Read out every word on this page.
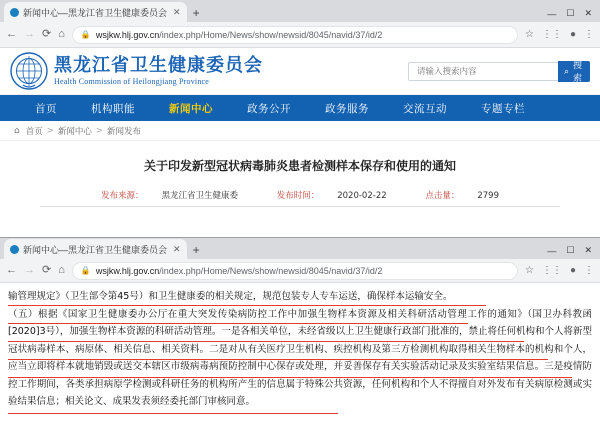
新闻中心—黑龙江省卫生健康委员会 ✕ +	— ☐ ✕
← → ⟳ ⌂ 🔒 wsjkw.hlj.gov.cn /index.php/Home/News/show/newsid/8045/navid/37/id/2	☆ ⋮⋮ ● ⋮
黑龙江省卫生健康委员会
Health Commission of Heilongjiang Province
请输入搜索内容
⌕
搜索
首页	机构职能	新闻中心	政务公开	政务服务	交流互动	专题专栏
⌂ 首页 > 新闻中心 > 新闻发布
关于印发新型冠状病毒肺炎患者检测样本保存和使用的通知
发布来源： 黑龙江省卫生健康委	发布时间： 2020-02-22	点击量： 2799
新闻中心—黑龙江省卫生健康委员会 ✕ +	— ☐ ✕
← → ⟳ ⌂ 🔒 wsjkw.hlj.gov.cn /index.php/Home/News/show/newsid/8045/navid/37/id/2	☆ ⋮⋮ ● ⋮

输管理规定》（卫生部令第45号）和卫生健康委的相关规定，规范包装专人专车运送，确保样本运输安全。

（五）根据《国家卫生健康委办公厅在重大突发传染病防控工作中加强生物样本资源及相关科研活动管理工作的通知》（国卫办科教函[2020]3号），加强生物样本资源的科研活动管理。一是各相关单位，未经省级以上卫生健康行政部门批准的，禁止将任何机构和个人将新型冠状病毒样本、病原体、相关信息、相关资料。二是对从有关医疗卫生机构、疾控机构及第三方检测机构取得相关生物样本的机构和个人，应当立即将样本就地销毁或送交本辖区市级病毒病预防控制中心保存或处理，并妥善保存有关实验活动记录及实验室结果信息。三是疫情防控工作期间，各类承担病原学检测或科研任务的机构所产生的信息属于特殊公共资源，任何机构和个人不得擅自对外发布有关病原检测或实验结果信息；相关论文、成果发表须经委托部门审核同意。
